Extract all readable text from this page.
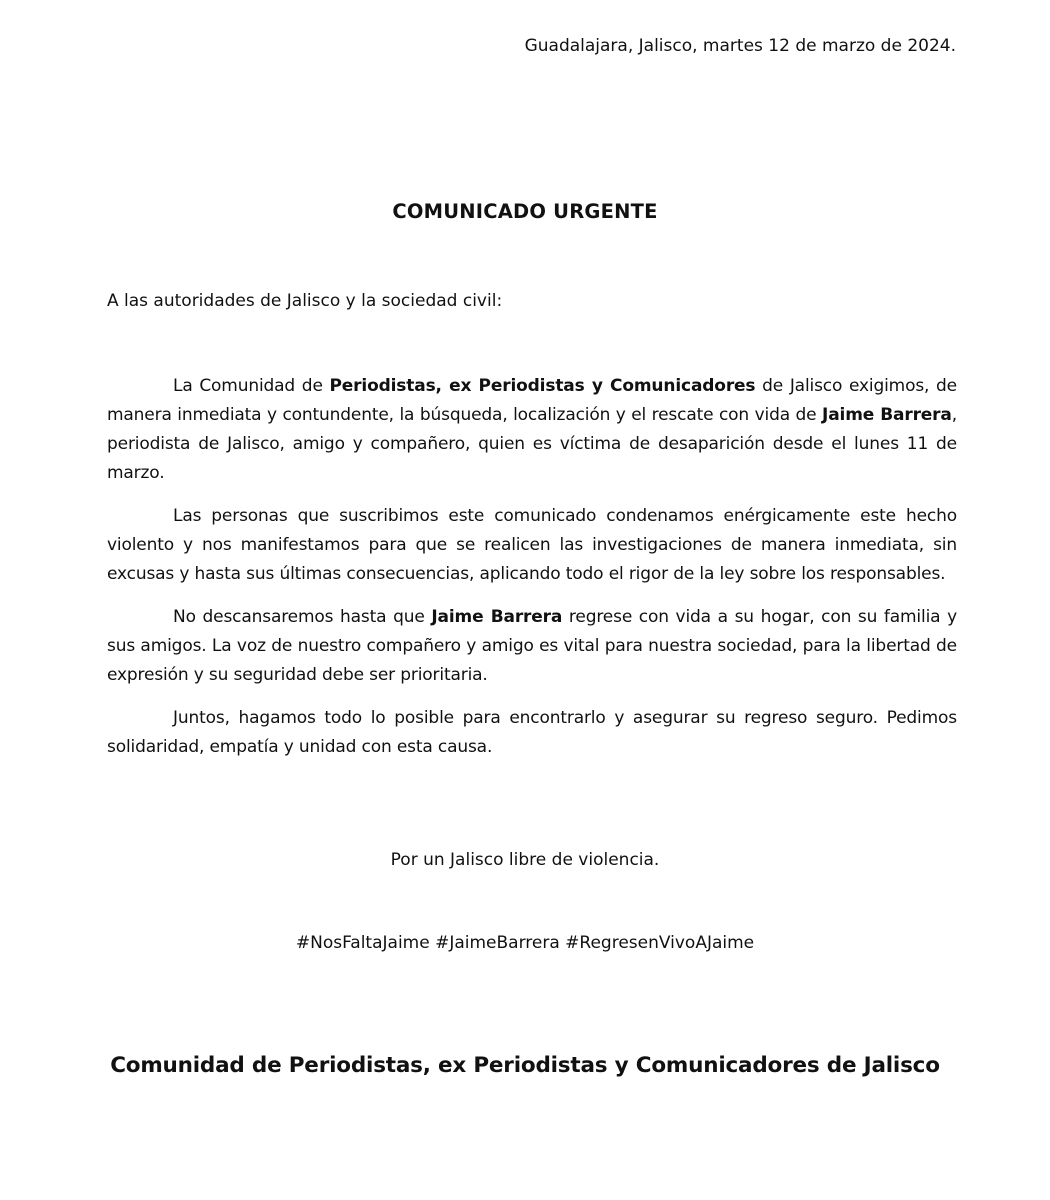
Guadalajara, Jalisco, martes 12 de marzo de 2024.
COMUNICADO URGENTE
A las autoridades de Jalisco y la sociedad civil:

La Comunidad de Periodistas, ex Periodistas y Comunicadores de Jalisco exigimos, de manera inmediata y contundente, la búsqueda, localización y el rescate con vida de Jaime Barrera, periodista de Jalisco, amigo y compañero, quien es víctima de desaparición desde el lunes 11 de marzo.

Las personas que suscribimos este comunicado condenamos enérgicamente este hecho violento y nos manifestamos para que se realicen las investigaciones de manera inmediata, sin excusas y hasta sus últimas consecuencias, aplicando todo el rigor de la ley sobre los responsables.

No descansaremos hasta que Jaime Barrera regrese con vida a su hogar, con su familia y sus amigos. La voz de nuestro compañero y amigo es vital para nuestra sociedad, para la libertad de expresión y su seguridad debe ser prioritaria.

Juntos, hagamos todo lo posible para encontrarlo y asegurar su regreso seguro. Pedimos solidaridad, empatía y unidad con esta causa.

Por un Jalisco libre de violencia.
#NosFaltaJaime #JaimeBarrera #RegresenVivoAJaime
Comunidad de Periodistas, ex Periodistas y Comunicadores de Jalisco
